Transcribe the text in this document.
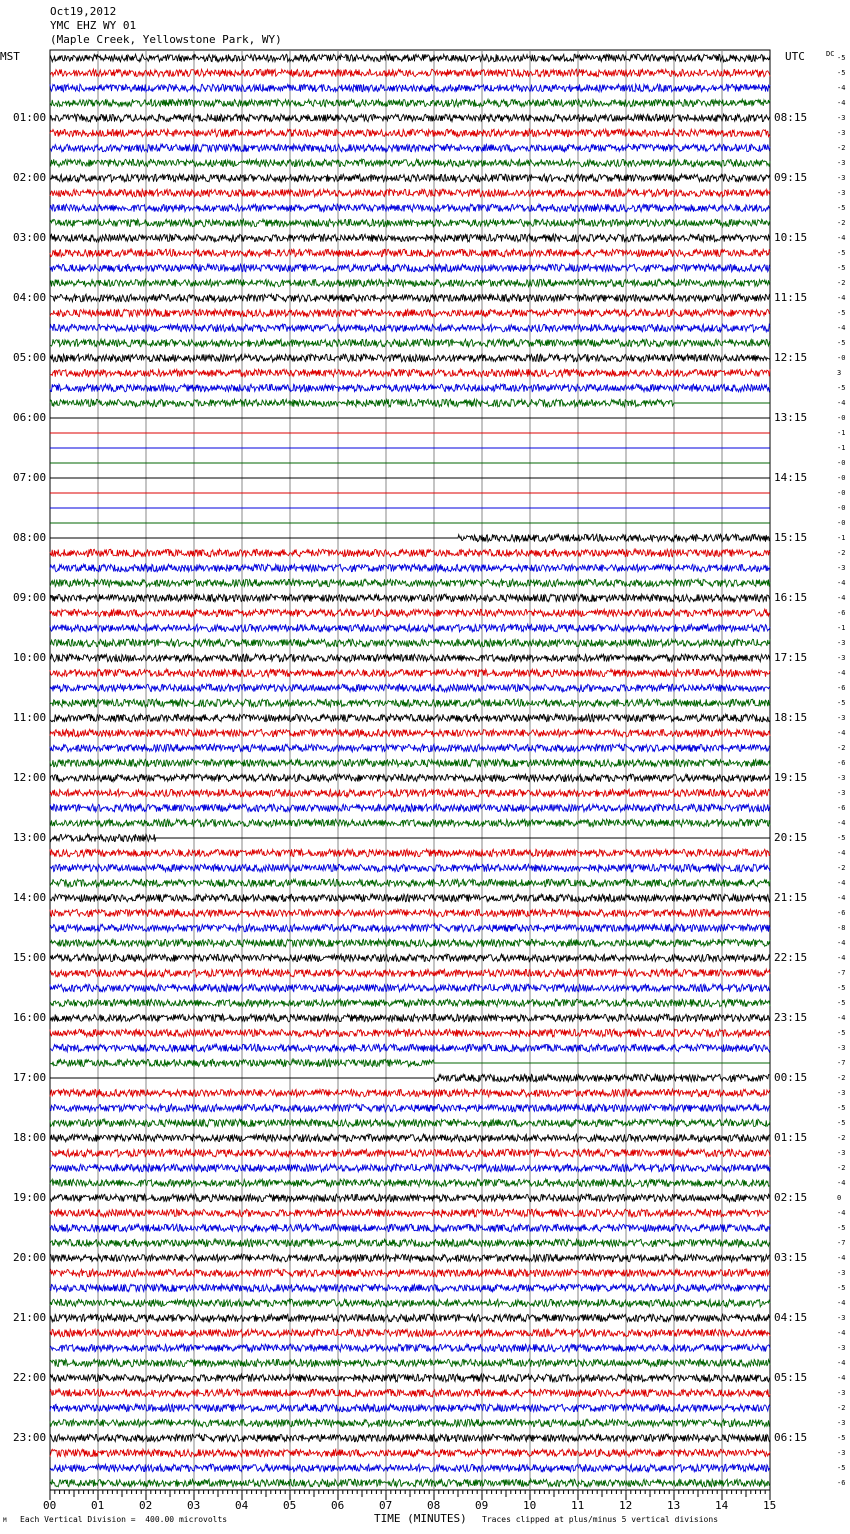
Oct19,2012
YMC EHZ WY 01
(Maple Creek, Yellowstone Park, WY)
MST	UTC	DC
01:00
02:00
03:00
04:00
05:00
06:00
07:00
08:00
09:00
10:00
11:00
12:00
13:00
14:00
15:00
16:00
17:00
18:00
19:00
20:00
21:00
22:00
23:00
08:15
09:15
10:15
11:15
12:15
13:15
14:15
15:15
16:15
17:15
18:15
19:15
20:15
21:15
22:15
23:15
00:15
01:15
02:15
03:15
04:15
05:15
06:15
-5
-5
-4
-4
-3
-3
-2
-3
-3
-3
-5
-2
-4
-5
-5
-2
-4
-5
-4
-5
-0
3
-5
-4
-0
-1
-1
-0
-0
-0
-0
-0
-1
-2
-3
-4
-4
-6
-1
-3
-3
-4
-6
-5
-3
-4
-2
-6
-3
-3
-6
-4
-5
-4
-2
-4
-4
-6
-8
-4
-4
-7
-5
-5
-4
-5
-3
-7
-2
-3
-5
-5
-2
-3
-2
-4
0
-4
-5
-7
-4
-3
-5
-4
-3
-4
-3
-4
-4
-3
-2
-3
-5
-3
-5
-6
00	01	02	03	04	05	06	07	08	09	10	11	12	13	14	15
M Each Vertical Division =  400.00 microvolts	TIME (MINUTES) Traces clipped at plus/minus 5 vertical divisions
